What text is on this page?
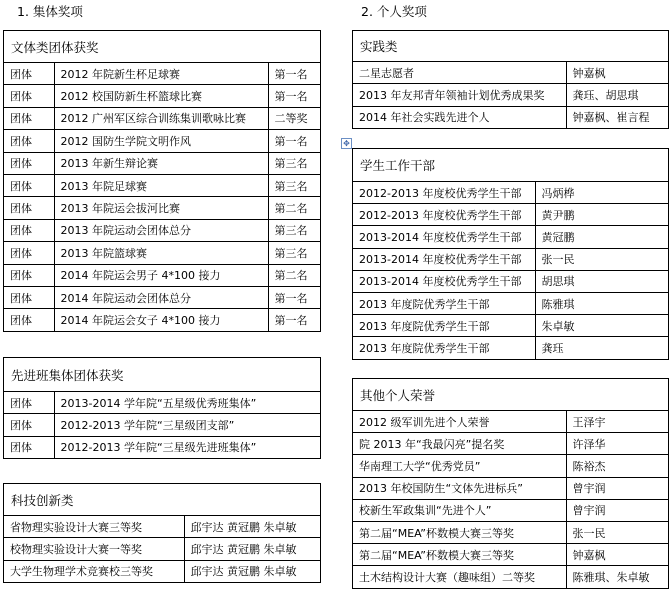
1. 集体奖项	2. 个人奖项
文体类团体获奖
团体	2012 年院新生杯足球赛	第一名
团体	2012 校国防新生杯篮球比赛	第一名
团体	2012 广州军区综合训练集训歌咏比赛	二等奖
团体	2012 国防生学院文明作风	第一名
团体	2013 年新生辩论赛	第三名
团体	2013 年院足球赛	第三名
团体	2013 年院运会拔河比赛	第二名
团体	2013 年院运动会团体总分	第三名
团体	2013 年院篮球赛	第三名
团体	2014 年院运会男子 4*100 接力	第二名
团体	2014 年院运动会团体总分	第一名
团体	2014 年院运会女子 4*100 接力	第一名
先进班集体团体获奖
团体	2013-2014 学年院“五星级优秀班集体”
团体	2012-2013 学年院“三星级团支部”
团体	2012-2013 学年院“三星级先进班集体”
科技创新类
省物理实验设计大赛三等奖	邱宇达 黄冠鹏 朱卓敏
校物理实验设计大赛一等奖	邱宇达 黄冠鹏 朱卓敏
大学生物理学术竞赛校三等奖	邱宇达 黄冠鹏 朱卓敏
✥
实践类
二星志愿者	钟嘉枫
2013 年友邦青年领袖计划优秀成果奖	龚珏、胡思琪
2014 年社会实践先进个人	钟嘉枫、崔言程
学生工作干部
2012-2013 年度校优秀学生干部	冯炳桦
2012-2013 年度校优秀学生干部	黄尹鹏
2013-2014 年度校优秀学生干部	黄冠鹏
2013-2014 年度校优秀学生干部	张一民
2013-2014 年度校优秀学生干部	胡思琪
2013 年度院优秀学生干部	陈雅琪
2013 年度院优秀学生干部	朱卓敏
2013 年度院优秀学生干部	龚珏
其他个人荣誉
2012 级军训先进个人荣誉	王泽宇
院 2013 年“我最闪亮”提名奖	许泽华
华南理工大学“优秀党员”	陈裕杰
2013 年校国防生“文体先进标兵”	曾宇润
校新生军政集训“先进个人”	曾宇润
第二届“MEA”杯数模大赛三等奖	张一民
第二届“MEA”杯数模大赛三等奖	钟嘉枫
土木结构设计大赛（趣味组）二等奖	陈雅琪、朱卓敏
